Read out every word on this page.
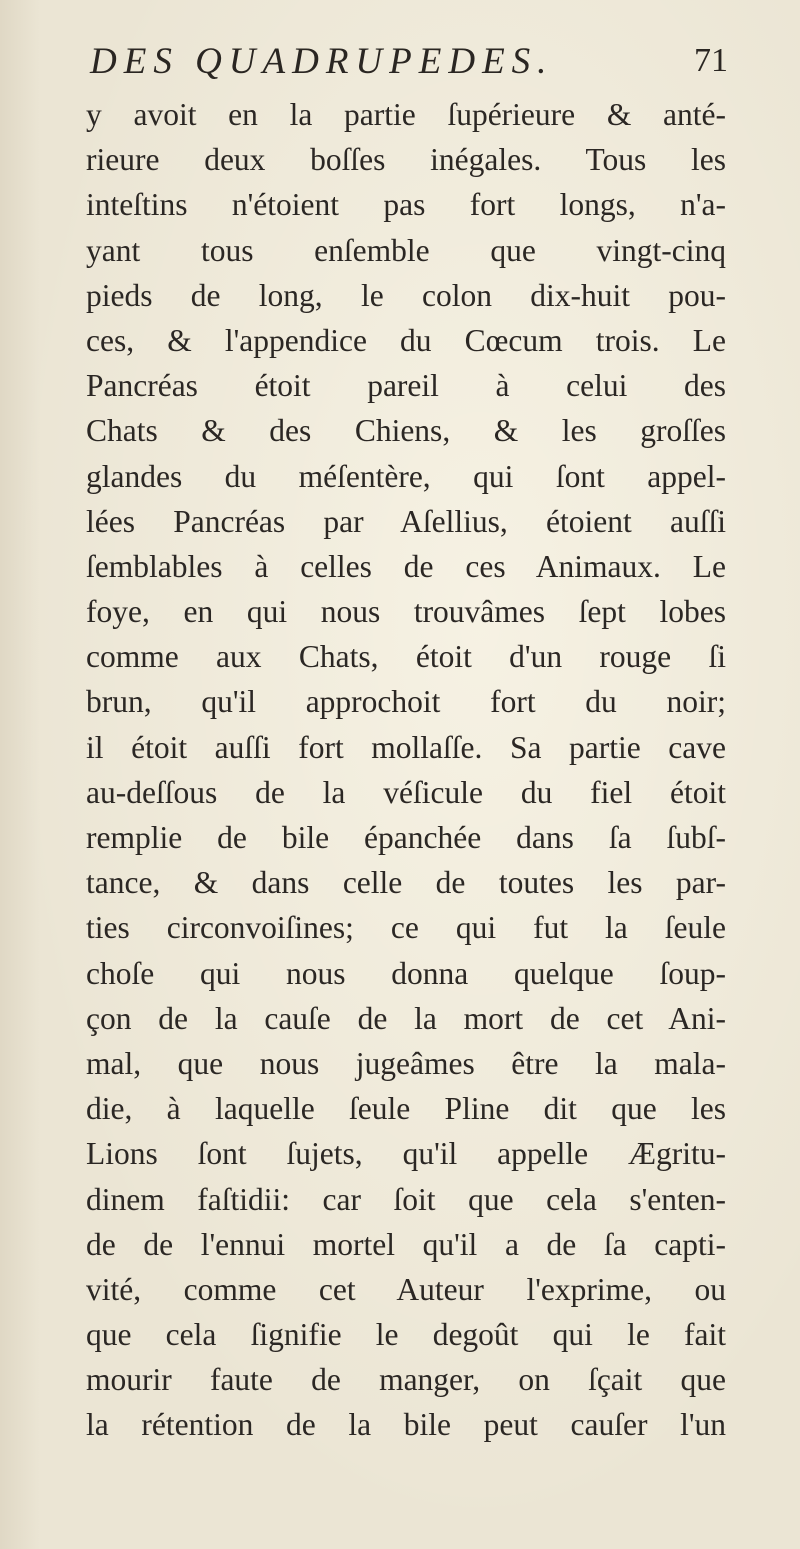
DES QUADRUPEDES.	71
y avoit en la partie ſupérieure & anté-
rieure deux boſſes inégales. Tous les
inteſtins n'étoient pas fort longs, n'a-
yant tous enſemble que vingt-cinq
pieds de long, le colon dix-huit pou-
ces, & l'appendice du Cœcum trois. Le
Pancréas étoit pareil à celui des
Chats & des Chiens, & les groſſes
glandes du méſentère, qui ſont appel-
lées Pancréas par Aſellius, étoient auſſi
ſemblables à celles de ces Animaux. Le
foye, en qui nous trouvâmes ſept lobes
comme aux Chats, étoit d'un rouge ſi
brun, qu'il approchoit fort du noir;
il étoit auſſi fort mollaſſe. Sa partie cave
au-deſſous de la véſicule du fiel étoit
remplie de bile épanchée dans ſa ſubſ-
tance, & dans celle de toutes les par-
ties circonvoiſines; ce qui fut la ſeule
choſe qui nous donna quelque ſoup-
çon de la cauſe de la mort de cet Ani-
mal, que nous jugeâmes être la mala-
die, à laquelle ſeule Pline dit que les
Lions ſont ſujets, qu'il appelle Ægritu-
dinem faſtidii: car ſoit que cela s'enten-
de de l'ennui mortel qu'il a de ſa capti-
vité, comme cet Auteur l'exprime, ou
que cela ſignifie le degoût qui le fait
mourir faute de manger, on ſçait que
la rétention de la bile peut cauſer l'un
